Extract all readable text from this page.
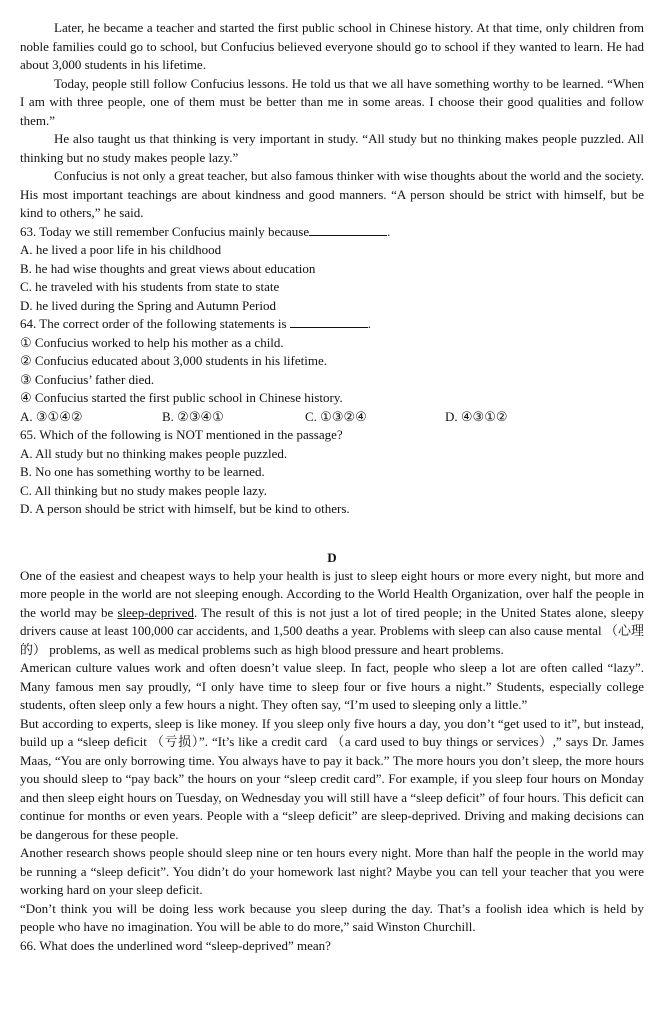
Later, he became a teacher and started the first public school in Chinese history. At that time, only children from noble families could go to school, but Confucius believed everyone should go to school if they wanted to learn. He had about 3,000 students in his lifetime.

Today, people still follow Confucius lessons. He told us that we all have something worthy to be learned. “When I am with three people, one of them must be better than me in some areas. I choose their good qualities and follow them.”

He also taught us that thinking is very important in study. “All study but no thinking makes people puzzled. All thinking but no study makes people lazy.”

Confucius is not only a great teacher, but also famous thinker with wise thoughts about the world and the society. His most important teachings are about kindness and good manners. “A person should be strict with himself, but be kind to others,” he said.

63. Today we still remember Confucius mainly because	.

A. he lived a poor life in his childhood

B. he had wise thoughts and great views about education

C. he traveled with his students from state to state

D. he lived during the Spring and Autumn Period

64. The correct order of the following statements is	.

① Confucius worked to help his mother as a child.

② Confucius educated about 3,000 students in his lifetime.

③ Confucius’ father died.

④ Confucius started the first public school in Chinese history.

A. ③①④②	B. ②③④①	C. ①③②④	D. ④③①②

65. Which of the following is NOT mentioned in the passage?

A. All study but no thinking makes people puzzled.

B. No one has something worthy to be learned.

C. All thinking but no study makes people lazy.

D. A person should be strict with himself, but be kind to others.

D

One of the easiest and cheapest ways to help your health is just to sleep eight hours or more every night, but more and more people in the world are not sleeping enough. According to the World Health Organization, over half the people in the world may be sleep-deprived. The result of this is not just a lot of tired people; in the United States alone, sleepy drivers cause at least 100,000 car accidents, and 1,500 deaths a year. Problems with sleep can also cause mental （心理的） problems, as well as medical problems such as high blood pressure and heart problems.

American culture values work and often doesn’t value sleep. In fact, people who sleep a lot are often called “lazy”. Many famous men say proudly, “I only have time to sleep four or five hours a night.” Students, especially college students, often sleep only a few hours a night. They often say, “I’m used to sleeping only a little.”

But according to experts, sleep is like money. If you sleep only five hours a day, you don’t “get used to it”, but instead, build up a “sleep deficit （亏损）”. “It’s like a credit card （a card used to buy things or services）,” says Dr. James Maas, “You are only borrowing time. You always have to pay it back.” The more hours you don’t sleep, the more hours you should sleep to “pay back” the hours on your “sleep credit card”. For example, if you sleep four hours on Monday and then sleep eight hours on Tuesday, on Wednesday you will still have a “sleep deficit” of four hours. This deficit can continue for months or even years. People with a “sleep deficit” are sleep-deprived. Driving and making decisions can be dangerous for these people.

Another research shows people should sleep nine or ten hours every night. More than half the people in the world may be running a “sleep deficit”. You didn’t do your homework last night? Maybe you can tell your teacher that you were working hard on your sleep deficit.

“Don’t think you will be doing less work because you sleep during the day. That’s a foolish idea which is held by people who have no imagination. You will be able to do more,” said Winston Churchill.

66. What does the underlined word “sleep-deprived” mean?
